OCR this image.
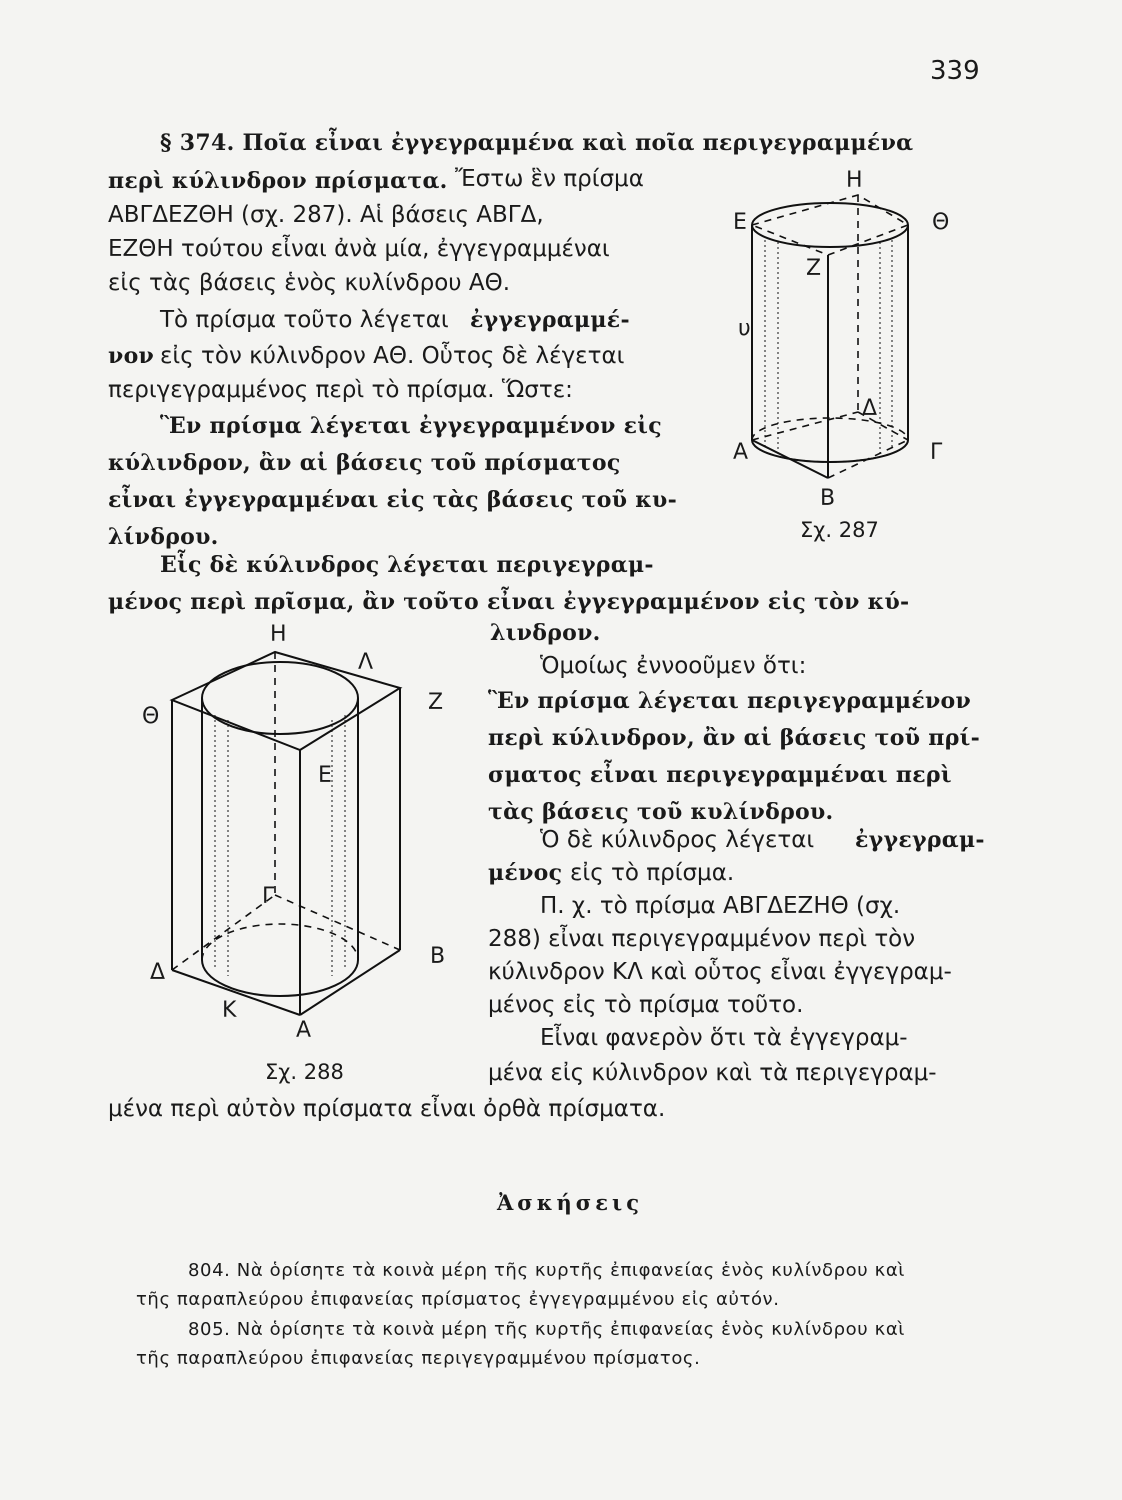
339
§ 374. Ποῖα εἶναι ἐγγεγραμμένα καὶ ποῖα περιγεγραμμένα
περὶ κύλινδρον πρίσματα. Ἔστω ἓν πρίσμα
ΑΒΓΔΕΖΘΗ (σχ. 287). Αἱ βάσεις ΑΒΓΔ,
ΕΖΘΗ τούτου εἶναι ἀνὰ μία, ἐγγεγραμμέναι
εἰς τὰς βάσεις ἑνὸς κυλίνδρου ΑΘ.
Τὸ πρίσμα τοῦτο λέγεται ἐγγεγραμμέ-
νον εἰς τὸν κύλινδρον ΑΘ. Οὗτος δὲ λέγεται
περιγεγραμμένος περὶ τὸ πρίσμα. Ὥστε:
Ἓν πρίσμα λέγεται ἐγγεγραμμένον εἰς
κύλινδρον, ἂν αἱ βάσεις τοῦ πρίσματος
εἶναι ἐγγεγραμμέναι εἰς τὰς βάσεις τοῦ κυ-
λίνδρου.
Εἷς δὲ κύλινδρος λέγεται περιγεγραμ-
μένος περὶ πρῖσμα, ἂν τοῦτο εἶναι ἐγγεγραμμένον εἰς τὸν κύ-
λινδρον.
Ὁμοίως ἐννοοῦμεν ὅτι:
Ἓν πρίσμα λέγεται περιγεγραμμένον
περὶ κύλινδρον, ἂν αἱ βάσεις τοῦ πρί-
σματος εἶναι περιγεγραμμέναι περὶ
τὰς βάσεις τοῦ κυλίνδρου.
Ὁ δὲ κύλινδρος λέγεται ἐγγεγραμ-
μένος εἰς τὸ πρίσμα.
Π. χ. τὸ πρίσμα ΑΒΓΔΕΖΗΘ (σχ.
288) εἶναι περιγεγραμμένον περὶ τὸν
κύλινδρον ΚΛ καὶ οὗτος εἶναι ἐγγεγραμ-
μένος εἰς τὸ πρίσμα τοῦτο.
Εἶναι φανερὸν ὅτι τὰ ἐγγεγραμ-
μένα εἰς κύλινδρον καὶ τὰ περιγεγραμ-
μένα περὶ αὐτὸν πρίσματα εἶναι ὀρθὰ πρίσματα.
Η
Ε	Θ
Ζ
υ
Δ
Α	Γ
Β
Σχ. 287
Η
Λ
Θ
Ζ
Ε
Γ
Δ
Β
Κ
Α
Σχ. 288
Ἀσκήσεις
804. Νὰ ὁρίσητε τὰ κοινὰ μέρη τῆς κυρτῆς ἐπιφανείας ἑνὸς κυλίνδρου καὶ
τῆς παραπλεύρου ἐπιφανείας πρίσματος ἐγγεγραμμένου εἰς αὐτόν.
805. Νὰ ὁρίσητε τὰ κοινὰ μέρη τῆς κυρτῆς ἐπιφανείας ἑνὸς κυλίνδρου καὶ
τῆς παραπλεύρου ἐπιφανείας περιγεγραμμένου πρίσματος.
